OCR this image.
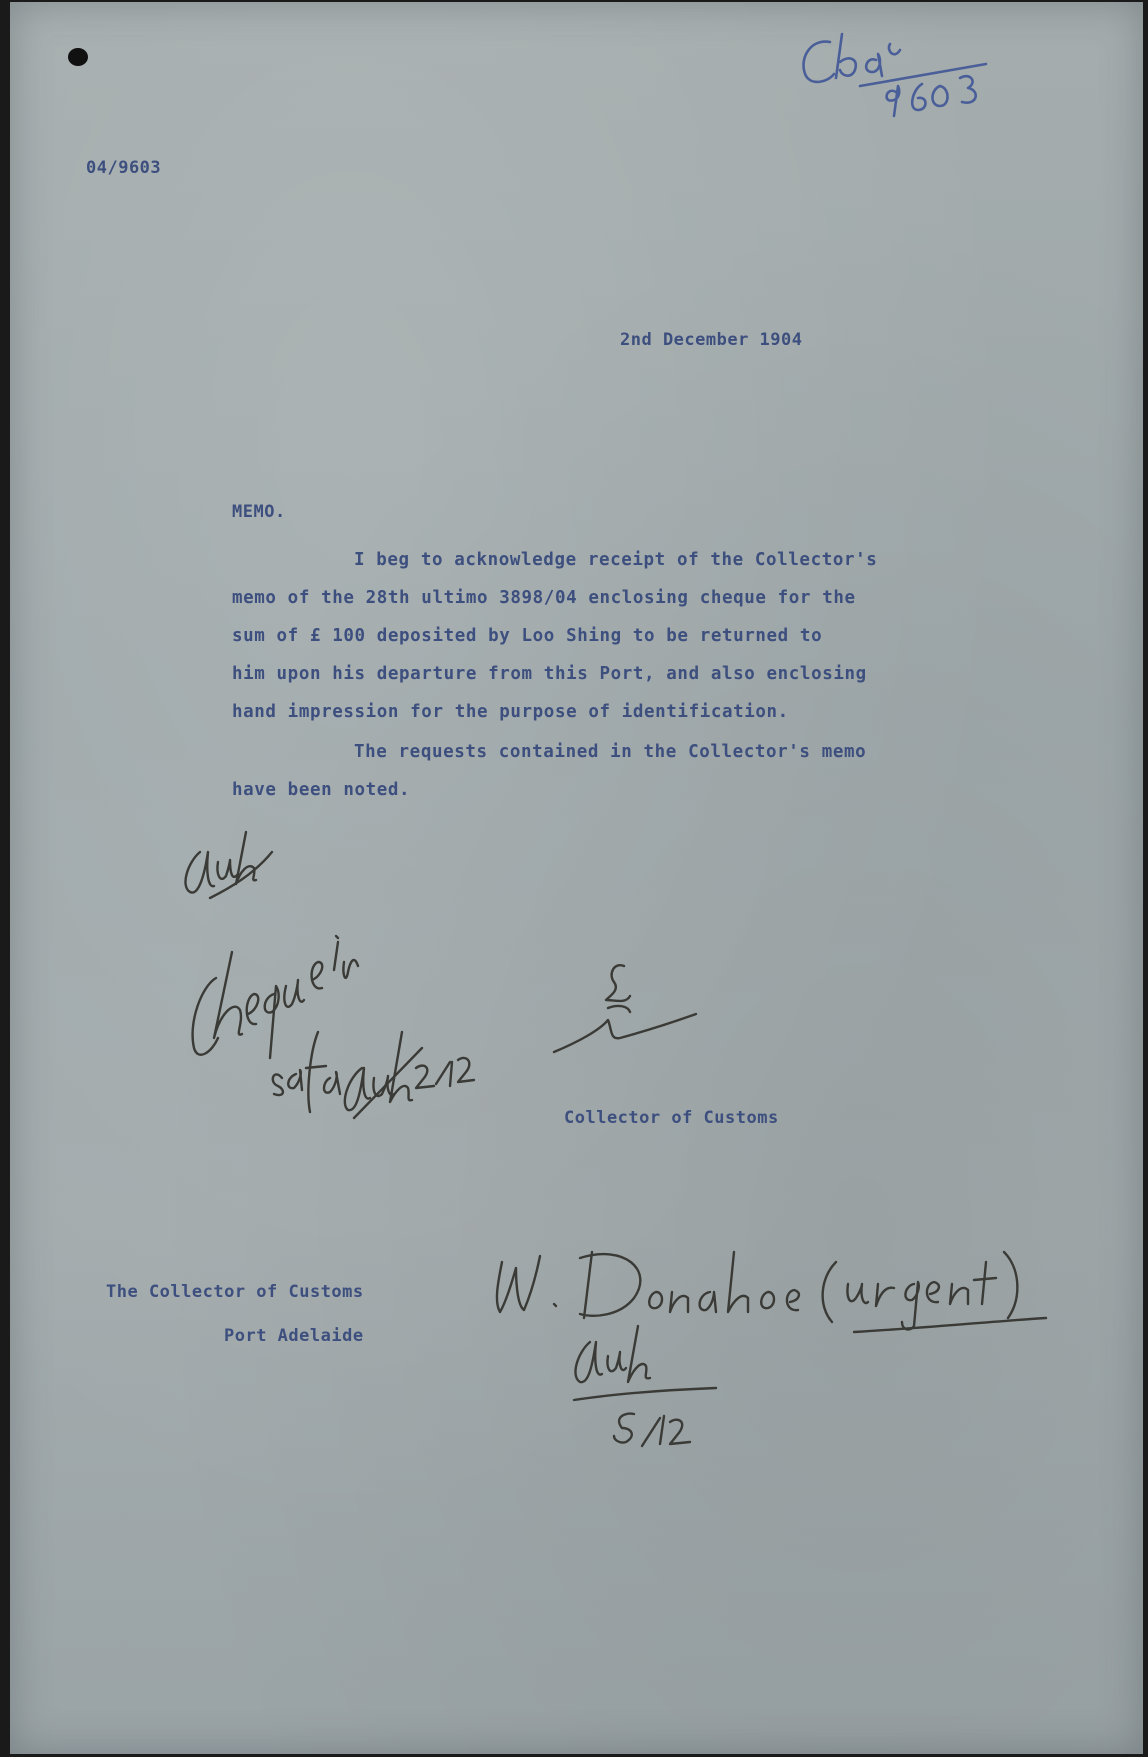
04/9603
2nd December 1904
MEMO.
I beg to acknowledge receipt of the Collector's
memo of the 28th ultimo 3898/04 enclosing cheque for the
sum of £ 100 deposited by Loo Shing to be returned to
him upon his departure from this Port, and also enclosing
hand impression for the purpose of identification.
The requests contained in the Collector's memo
have been noted.
Collector of Customs
The Collector of Customs
Port Adelaide
